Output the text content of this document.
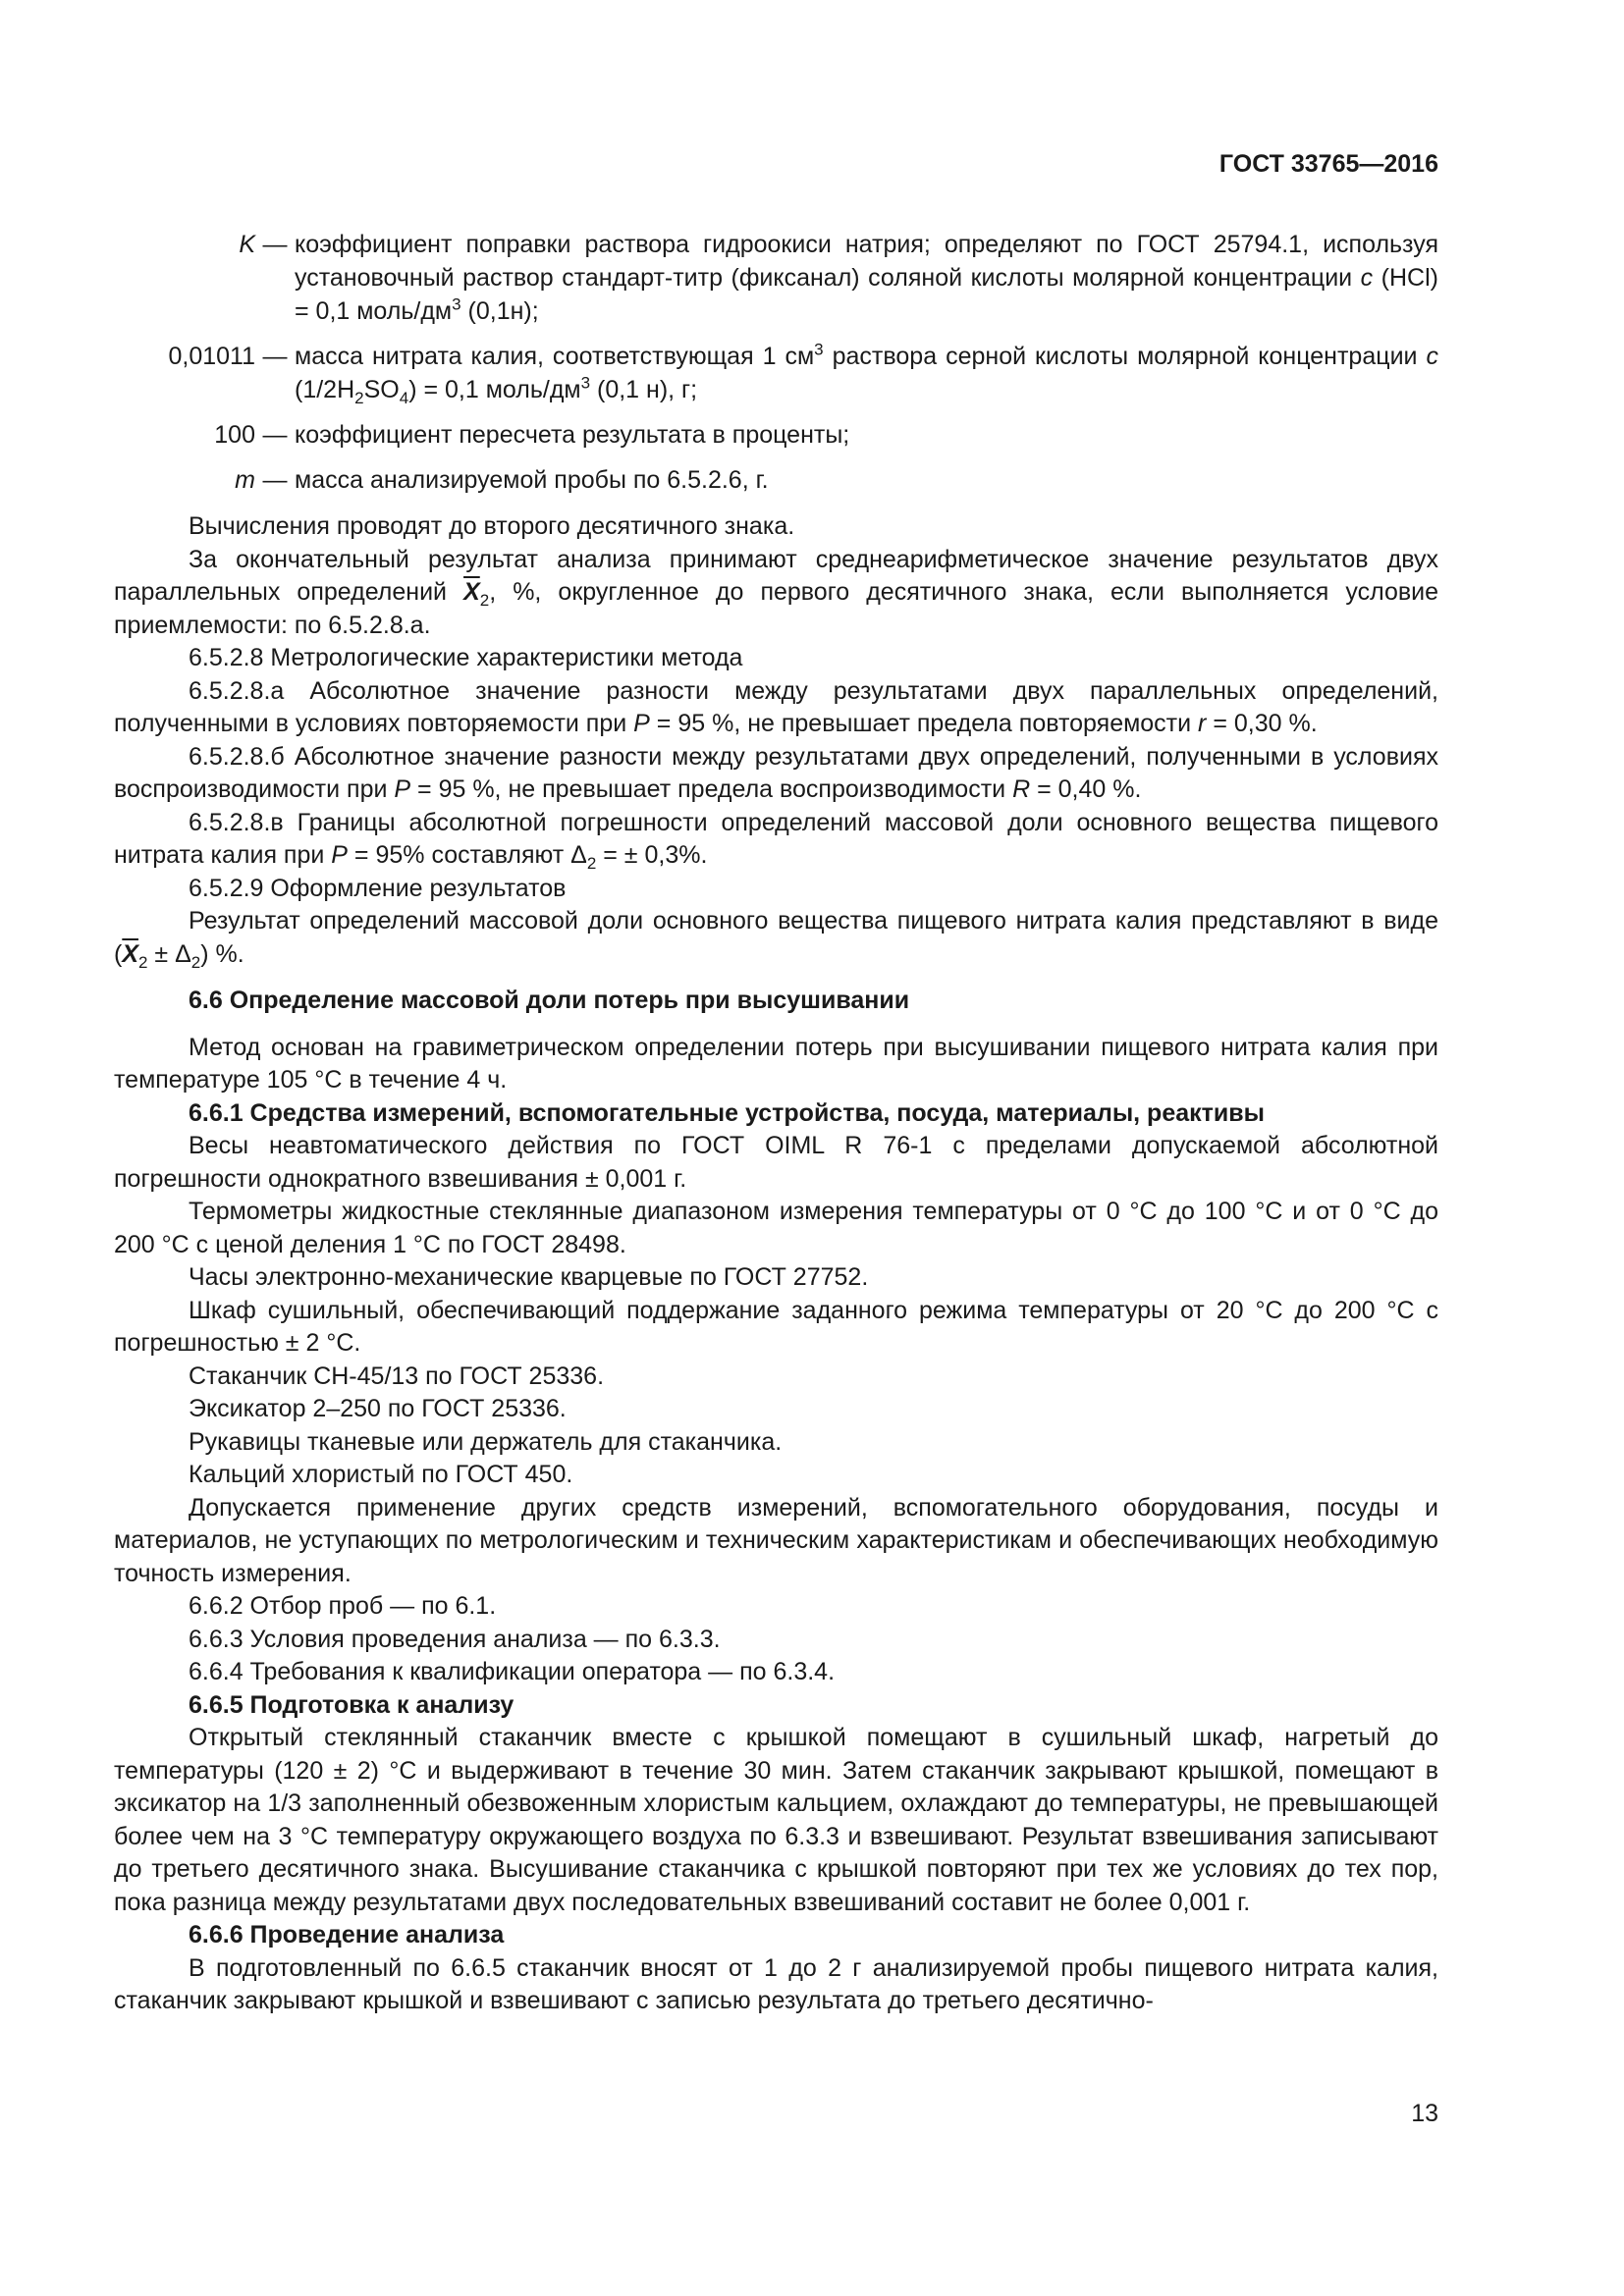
ГОСТ 33765—2016
K — коэффициент поправки раствора гидроокиси натрия; определяют по ГОСТ 25794.1, используя установочный раствор стандарт-титр (фиксанал) соляной кислоты молярной концентрации c (HCl) = 0,1 моль/$дм^3$ (0,1н);
0,01011 — масса нитрата калия, соответствующая 1 $см^3$ раствора серной кислоты молярной концентрации c $(1/2H_2SO_4) = 0,1$ моль/$дм^3$ (0,1 н), г;
100 — коэффициент пересчета результата в проценты;
m — масса анализируемой пробы по 6.5.2.6, г.

Вычисления проводят до второго десятичного знака.

За окончательный результат анализа принимают среднеарифметическое значение результатов двух параллельных определений $\overline{X}_2$, %, округленное до первого десятичного знака, если выполняется условие приемлемости: по 6.5.2.8.а.

6.5.2.8 Метрологические характеристики метода

6.5.2.8.а Абсолютное значение разности между результатами двух параллельных определений, полученными в условиях повторяемости при P = 95 %, не превышает предела повторяемости r = 0,30 %.

6.5.2.8.б Абсолютное значение разности между результатами двух определений, полученными в условиях воспроизводимости при P = 95 %, не превышает предела воспроизводимости R = 0,40 %.

6.5.2.8.в Границы абсолютной погрешности определений массовой доли основного вещества пищевого нитрата калия при P = 95% составляют $\Delta_2$ = ± 0,3%.

6.5.2.9 Оформление результатов

Результат определений массовой доли основного вещества пищевого нитрата калия представляют в виде $(\overline{X}_2 \pm \Delta_2)$ %.

6.6 Определение массовой доли потерь при высушивании

Метод основан на гравиметрическом определении потерь при высушивании пищевого нитрата калия при температуре 105 °С в течение 4 ч.

6.6.1 Средства измерений, вспомогательные устройства, посуда, материалы, реактивы

Весы неавтоматического действия по ГОСТ OIML R 76-1 с пределами допускаемой абсолютной погрешности однократного взвешивания ± 0,001 г.

Термометры жидкостные стеклянные диапазоном измерения температуры от 0 °С до 100 °С и от 0 °С до 200 °С с ценой деления 1 °С по ГОСТ 28498.

Часы электронно-механические кварцевые по ГОСТ 27752.

Шкаф сушильный, обеспечивающий поддержание заданного режима температуры от 20 °С до 200 °С с погрешностью ± 2 °С.

Стаканчик СН-45/13 по ГОСТ 25336.

Эксикатор 2–250 по ГОСТ 25336.

Рукавицы тканевые или держатель для стаканчика.

Кальций хлористый по ГОСТ 450.

Допускается применение других средств измерений, вспомогательного оборудования, посуды и материалов, не уступающих по метрологическим и техническим характеристикам и обеспечивающих необходимую точность измерения.

6.6.2 Отбор проб — по 6.1.

6.6.3 Условия проведения анализа — по 6.3.3.

6.6.4 Требования к квалификации оператора — по 6.3.4.

6.6.5 Подготовка к анализу

Открытый стеклянный стаканчик вместе с крышкой помещают в сушильный шкаф, нагретый до температуры (120 ± 2) °С и выдерживают в течение 30 мин. Затем стаканчик закрывают крышкой, помещают в эксикатор на 1/3 заполненный обезвоженным хлористым кальцием, охлаждают до температуры, не превышающей более чем на 3 °С температуру окружающего воздуха по 6.3.3 и взвешивают. Результат взвешивания записывают до третьего десятичного знака. Высушивание стаканчика с крышкой повторяют при тех же условиях до тех пор, пока разница между результатами двух последовательных взвешиваний составит не более 0,001 г.

6.6.6 Проведение анализа

В подготовленный по 6.6.5 стаканчик вносят от 1 до 2 г анализируемой пробы пищевого нитрата калия, стаканчик закрывают крышкой и взвешивают с записью результата до третьего десятично-

13
